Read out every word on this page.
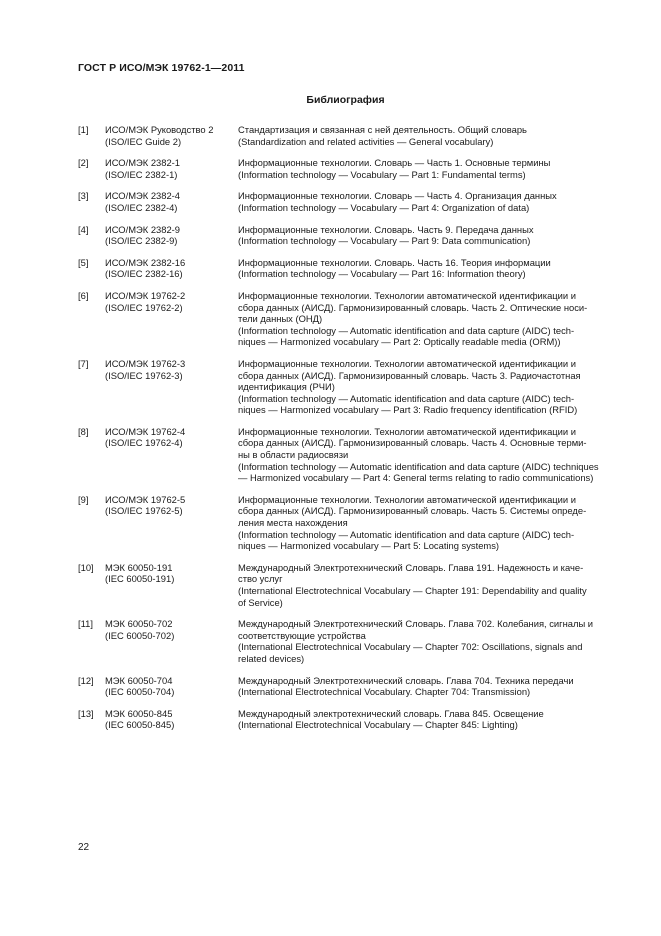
ГОСТ Р ИСО/МЭК 19762-1—2011
Библиография
[1]	ИСО/МЭК Руководство 2
(ISO/IEC Guide 2)
Стандартизация и связанная с ней деятельность. Общий словарь
(Standardization and related activities — General vocabulary)
[2]	ИСО/МЭК 2382-1
(ISO/IEC 2382-1)
Информационные технологии. Словарь — Часть 1. Основные термины
(Information technology — Vocabulary — Part 1: Fundamental terms)
[3]	ИСО/МЭК 2382-4
(ISO/IEC 2382-4)
Информационные технологии. Словарь — Часть 4. Организация данных
(Information technology — Vocabulary — Part 4: Organization of data)
[4]	ИСО/МЭК 2382-9
(ISO/IEC 2382-9)
Информационные технологии. Словарь. Часть 9. Передача данных
(Information technology — Vocabulary — Part 9: Data communication)
[5]	ИСО/МЭК 2382-16
(ISO/IEC 2382-16)
Информационные технологии. Словарь. Часть 16. Теория информации
(Information technology — Vocabulary — Part 16: Information theory)
[6]	ИСО/МЭК 19762-2
(ISO/IEC 19762-2)
Информационные технологии. Технологии автоматической идентификации и
сбора данных (АИСД). Гармонизированный словарь. Часть 2. Оптические носи-
тели данных (ОНД)
(Information technology — Automatic identification and data capture (AIDC) tech-
niques — Harmonized vocabulary — Part 2: Optically readable media (ORM))
[7]	ИСО/МЭК 19762-3
(ISO/IEC 19762-3)
Информационные технологии. Технологии автоматической идентификации и
сбора данных (АИСД). Гармонизированный словарь. Часть 3. Радиочастотная
идентификация (РЧИ)
(Information technology — Automatic identification and data capture (AIDC) tech-
niques — Harmonized vocabulary — Part 3: Radio frequency identification (RFID)
[8]	ИСО/МЭК 19762-4
(ISO/IEC 19762-4)
Информационные технологии. Технологии автоматической идентификации и
сбора данных (АИСД). Гармонизированный словарь. Часть 4. Основные терми-
ны в области радиосвязи
(Information technology — Automatic identification and data capture (AIDC) techniques
— Harmonized vocabulary — Part 4: General terms relating to radio communications)
[9]	ИСО/МЭК 19762-5
(ISO/IEC 19762-5)
Информационные технологии. Технологии автоматической идентификации и
сбора данных (АИСД). Гармонизированный словарь. Часть 5. Системы опреде-
ления места нахождения
(Information technology — Automatic identification and data capture (AIDC) tech-
niques — Harmonized vocabulary — Part 5: Locating systems)
[10]	МЭК 60050-191
(IEC 60050-191)
Международный Электротехнический Словарь. Глава 191. Надежность и каче-
ство услуг
(International Electrotechnical Vocabulary — Chapter 191: Dependability and quality
of Service)
[11]	МЭК 60050-702
(IEC 60050-702)
Международный Электротехнический Словарь. Глава 702. Колебания, сигналы и
соответствующие устройства
(International Electrotechnical Vocabulary — Chapter 702: Oscillations, signals and
related devices)
[12]	МЭК 60050-704
(IEC 60050-704)
Международный Электротехнический словарь. Глава 704. Техника передачи
(International Electrotechnical Vocabulary. Chapter 704: Transmission)
[13]	МЭК 60050-845
(IEC 60050-845)
Международный электротехнический словарь. Глава 845. Освещение
(International Electrotechnical Vocabulary — Chapter 845: Lighting)
22
